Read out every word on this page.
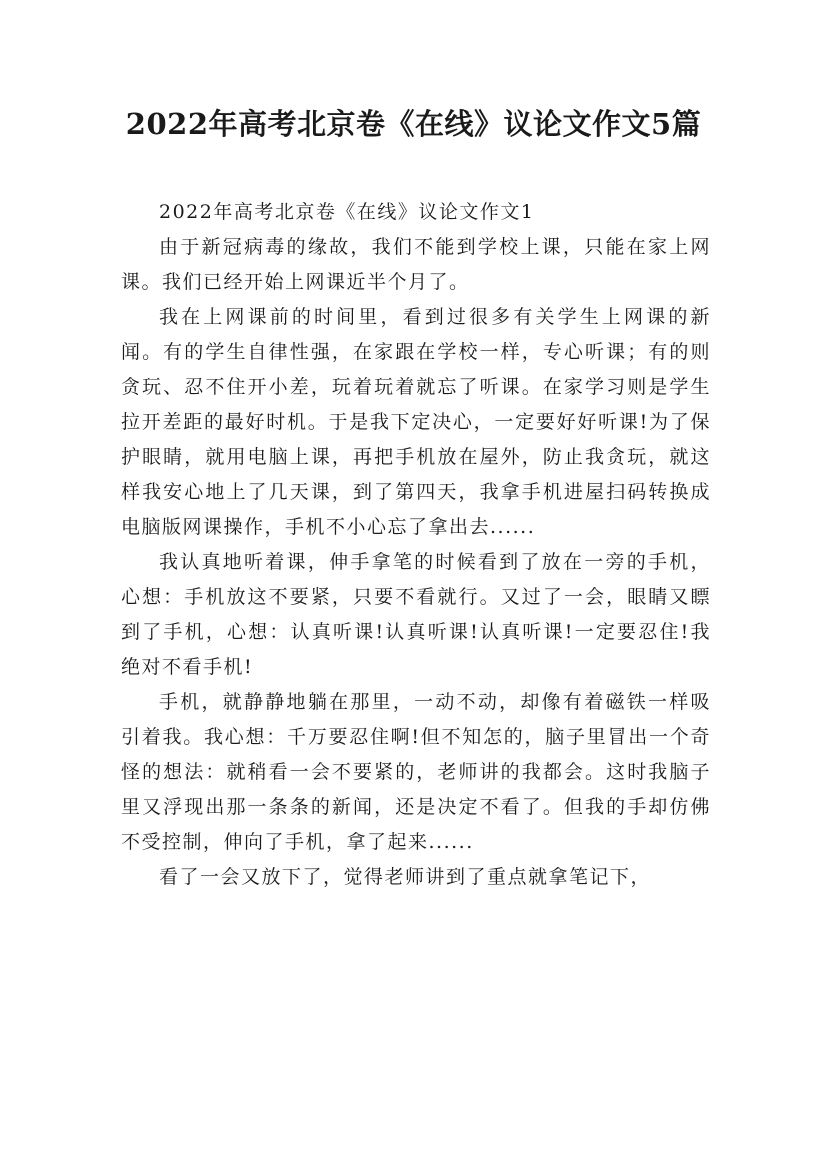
2022年高考北京卷《在线》议论文作文5篇

2022年高考北京卷《在线》议论文作文1

由于新冠病毒的缘故，我们不能到学校上课，只能在家上网课。我们已经开始上网课近半个月了。

我在上网课前的时间里，看到过很多有关学生上网课的新闻。有的学生自律性强，在家跟在学校一样，专心听课；有的则贪玩、忍不住开小差，玩着玩着就忘了听课。在家学习则是学生拉开差距的最好时机。于是我下定决心，一定要好好听课!为了保护眼睛，就用电脑上课，再把手机放在屋外，防止我贪玩，就这样我安心地上了几天课，到了第四天，我拿手机进屋扫码转换成电脑版网课操作，手机不小心忘了拿出去......

我认真地听着课，伸手拿笔的时候看到了放在一旁的手机，心想：手机放这不要紧，只要不看就行。又过了一会，眼睛又瞟到了手机，心想：认真听课!认真听课!认真听课!一定要忍住!我绝对不看手机!

手机，就静静地躺在那里，一动不动，却像有着磁铁一样吸引着我。我心想：千万要忍住啊!但不知怎的，脑子里冒出一个奇怪的想法：就稍看一会不要紧的，老师讲的我都会。这时我脑子里又浮现出那一条条的新闻，还是决定不看了。但我的手却仿佛不受控制，伸向了手机，拿了起来......

看了一会又放下了，觉得老师讲到了重点就拿笔记下，
